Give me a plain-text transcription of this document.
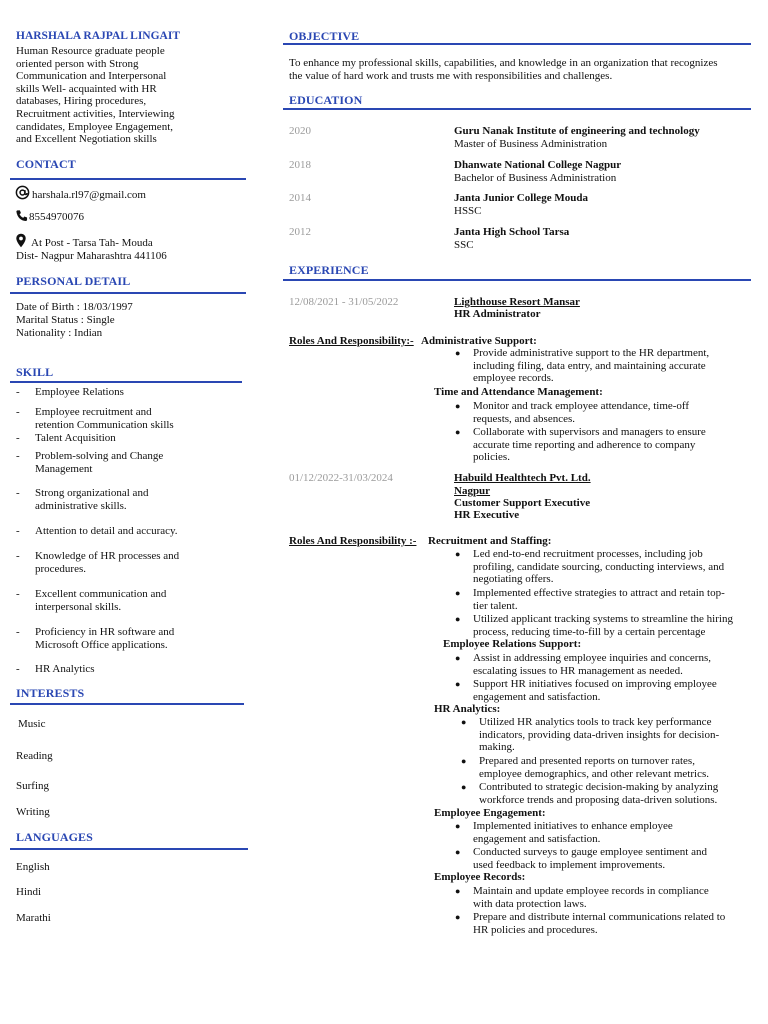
HARSHALA RAJPAL LINGAIT
Human Resource graduate people
oriented person with Strong
Communication and Interpersonal
skills Well- acquainted with HR
databases, Hiring procedures,
Recruitment activities, Interviewing
candidates, Employee Engagement,
and Excellent Negotiation skills
CONTACT
harshala.rl97@gmail.com
8554970076
At Post - Tarsa Tah- Mouda
Dist- Nagpur Maharashtra 441106
PERSONAL DETAIL
Date of Birth : 18/03/1997
Marital Status : Single
Nationality : Indian
SKILL
- Employee Relations
- Employee recruitment and retention Communication skills
- Talent Acquisition
- Problem-solving and Change Management
- Strong organizational and administrative skills.
- Attention to detail and accuracy.
- Knowledge of HR processes and procedures.
- Excellent communication and interpersonal skills.
- Proficiency in HR software and Microsoft Office applications.
- HR Analytics
INTERESTS
Music
Reading
Surfing
Writing
LANGUAGES
English
Hindi
Marathi
OBJECTIVE
To enhance my professional skills, capabilities, and knowledge in an organization that recognizes
the value of hard work and trusts me with responsibilities and challenges.
EDUCATION
2020	Guru Nanak Institute of engineering and technology
Master of Business Administration
2018	Dhanwate National College Nagpur
Bachelor of Business Administration
2014	Janta Junior College Mouda
HSSC
2012	Janta High School Tarsa
SSC
EXPERIENCE
12/08/2021 - 31/05/2022	Lighthouse Resort Mansar
HR Administrator
Roles And Responsibility:- Administrative Support:
● Provide administrative support to the HR department,
including filing, data entry, and maintaining accurate
employee records.
Time and Attendance Management:
● Monitor and track employee attendance, time-off
requests, and absences.
● Collaborate with supervisors and managers to ensure
accurate time reporting and adherence to company
policies.
01/12/2022-31/03/2024	Habuild Healthtech Pvt. Ltd.
Nagpur
Customer Support Executive
HR Executive
Roles And Responsibility :- Recruitment and Staffing:
● Led end-to-end recruitment processes, including job
profiling, candidate sourcing, conducting interviews, and
negotiating offers.
● Implemented effective strategies to attract and retain top-
tier talent.
● Utilized applicant tracking systems to streamline the hiring
process, reducing time-to-fill by a certain percentage
Employee Relations Support:
● Assist in addressing employee inquiries and concerns,
escalating issues to HR management as needed.
● Support HR initiatives focused on improving employee
engagement and satisfaction.
HR Analytics:
● Utilized HR analytics tools to track key performance
indicators, providing data-driven insights for decision-
making.
● Prepared and presented reports on turnover rates,
employee demographics, and other relevant metrics.
● Contributed to strategic decision-making by analyzing
workforce trends and proposing data-driven solutions.
Employee Engagement:
● Implemented initiatives to enhance employee
engagement and satisfaction.
● Conducted surveys to gauge employee sentiment and
used feedback to implement improvements.
Employee Records:
● Maintain and update employee records in compliance
with data protection laws.
● Prepare and distribute internal communications related to
HR policies and procedures.
